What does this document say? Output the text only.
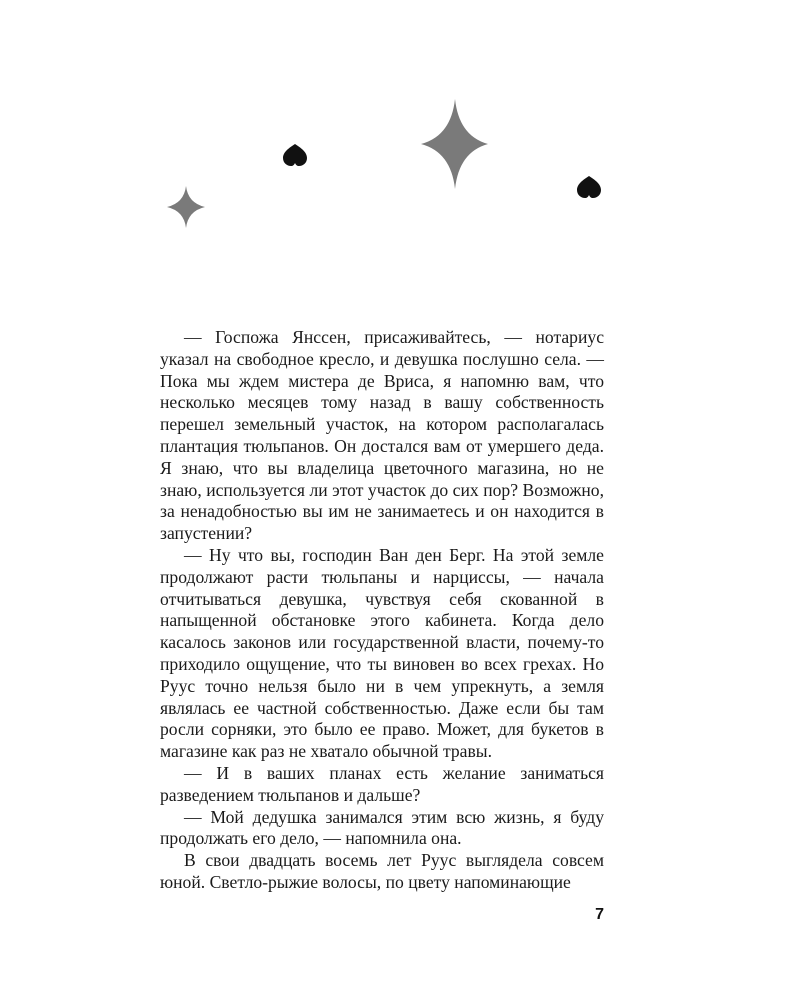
— Госпожа Янссен, присаживайтесь, — нотариус указал на свободное кресло, и девушка послушно села. — Пока мы ждем мистера де Вриса, я напомню вам, что несколько месяцев тому назад в вашу собственность перешел земельный участок, на котором располагалась плантация тюльпанов. Он достался вам от умершего деда. Я знаю, что вы владелица цветочного магазина, но не знаю, используется ли этот участок до сих пор? Возможно, за ненадобностью вы им не занимаетесь и он находится в запустении?

— Ну что вы, господин Ван ден Берг. На этой земле продолжают расти тюльпаны и нарциссы, — начала отчитываться девушка, чувствуя себя скованной в напыщенной обстановке этого кабинета. Когда дело касалось законов или государственной власти, почему-то приходило ощущение, что ты виновен во всех грехах. Но Руус точно нельзя было ни в чем упрекнуть, а земля являлась ее частной собственностью. Даже если бы там росли сорняки, это было ее право. Может, для букетов в магазине как раз не хватало обычной травы.

— И в ваших планах есть желание заниматься разведением тюльпанов и дальше?

— Мой дедушка занимался этим всю жизнь, я буду продолжать его дело, — напомнила она.

В свои двадцать восемь лет Руус выглядела совсем юной. Светло-рыжие волосы, по цвету напоминающие

7
